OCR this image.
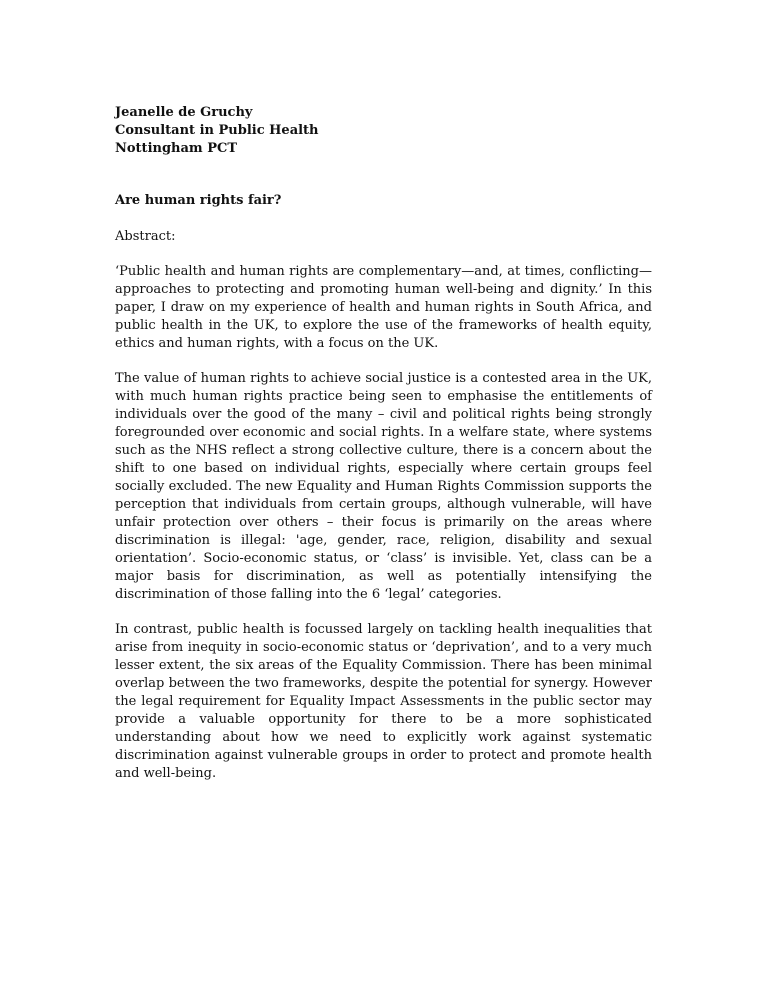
Jeanelle de Gruchy
Consultant in Public Health
Nottingham PCT
Are human rights fair?
Abstract:

‘Public health and human rights are complementary—and, at times, conflicting—approaches to protecting and promoting human well-being and dignity.’ In this paper, I draw on my experience of health and human rights in South Africa, and public health in the UK, to explore the use of the frameworks of health equity, ethics and human rights, with a focus on the UK.

The value of human rights to achieve social justice is a contested area in the UK, with much human rights practice being seen to emphasise the entitlements of individuals over the good of the many – civil and political rights being strongly foregrounded over economic and social rights. In a welfare state, where systems such as the NHS reflect a strong collective culture, there is a concern about the shift to one based on individual rights, especially where certain groups feel socially excluded. The new Equality and Human Rights Commission supports the perception that individuals from certain groups, although vulnerable, will have unfair protection over others – their focus is primarily on the areas where discrimination is illegal: 'age, gender, race, religion, disability and sexual orientation’. Socio-economic status, or ‘class’ is invisible. Yet, class can be a major basis for discrimination, as well as potentially intensifying the discrimination of those falling into the 6 ‘legal’ categories.

In contrast, public health is focussed largely on tackling health inequalities that arise from inequity in socio-economic status or ‘deprivation’, and to a very much lesser extent, the six areas of the Equality Commission. There has been minimal overlap between the two frameworks, despite the potential for synergy. However the legal requirement for Equality Impact Assessments in the public sector may provide a valuable opportunity for there to be a more sophisticated understanding about how we need to explicitly work against systematic discrimination against vulnerable groups in order to protect and promote health and well-being.
